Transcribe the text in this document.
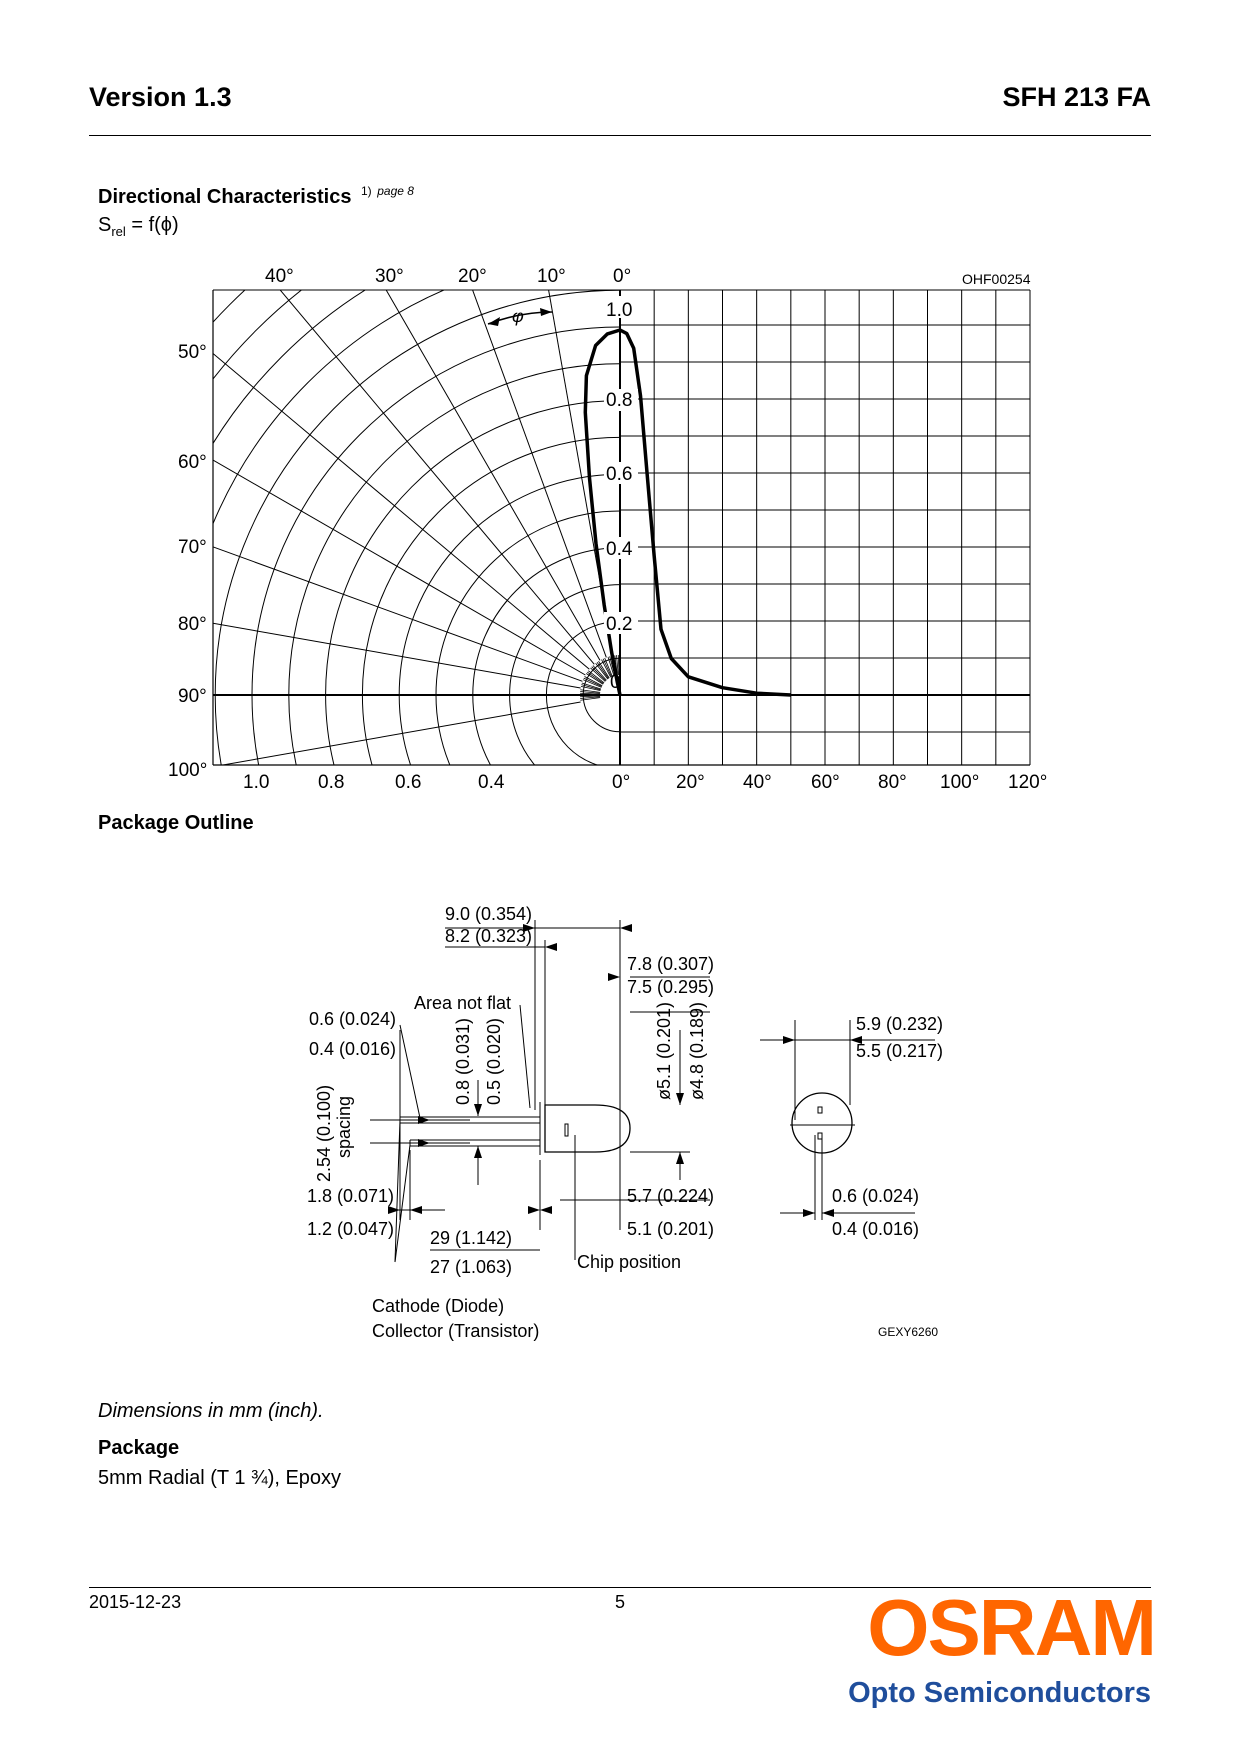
Version 1.3	SFH 213 FA
Directional Characteristics $^{1)}$ $^{page 8}$
$S_{rel} = f(\phi)$
φ
40°	30°	20°	10° 0°	OHF00254
50°
60°
70°
80°
90°
100°
1.0
0.8
0.6
0.4
0.2
0
1.0	0.8	0.6	0.4	0° 20° 40° 60° 80° 100° 120°
Package Outline
9.0 (0.354)
8.2 (0.323)
7.8 (0.307)
7.5 (0.295)
Area not flat
0.6 (0.024)
0.4 (0.016)	0.8 (0.031) 0.5 (0.020)	ø5.1 (0.201) ø4.8 (0.189)	5.9 (0.232)
5.5 (0.217)
2.54 (0.100) spacing
1.8 (0.071)
1.2 (0.047)
5.7 (0.224)
5.1 (0.201)
0.6 (0.024)
0.4 (0.016)
29 (1.142)
27 (1.063)	Chip position
Cathode (Diode)
Collector (Transistor)	GEXY6260
Dimensions in mm (inch).
Package
5mm Radial (T 1 ¾), Epoxy
2015-12-23	5	OSRAM
Opto Semiconductors
